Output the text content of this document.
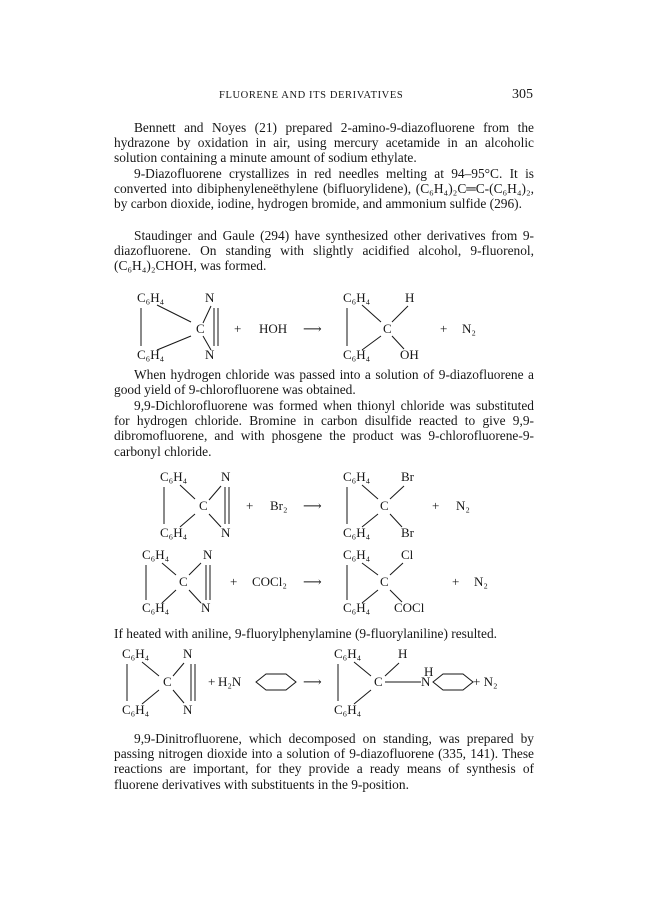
FLUORENE AND ITS DERIVATIVES	305

Bennett and Noyes (21) prepared 2-amino-9-diazofluorene from the hydrazone by oxidation in air, using mercury acetamide in an alcoholic solution containing a minute amount of sodium ethylate.

9-Diazofluorene crystallizes in red needles melting at 94–95°C. It is converted into dibiphenyleneëthylene (bifluorylidene), (C₆H₄)₂C═C-(C₆H₄)₂, by carbon dioxide, iodine, hydrogen bromide, and ammonium sulfide (296).

Staudinger and Gaule (294) have synthesized other derivatives from 9-diazofluorene. On standing with slightly acidified alcohol, 9-fluorenol, (C₆H₄)₂CHOH, was formed.

C₆H₄	N
C
C₆H₄	N
+ HOH ⟶
C₆H₄	H
C
C₆H₄ OH
+ N₂

When hydrogen chloride was passed into a solution of 9-diazofluorene a good yield of 9-chlorofluorene was obtained.

9,9-Dichlorofluorene was formed when thionyl chloride was substituted for hydrogen chloride. Bromine in carbon disulfide reacted to give 9,9-dibromofluorene, and with phosgene the product was 9-chlorofluorene-9-carbonyl chloride.

C₆H₄	N
C
C₆H₄	N
+ Br₂ ⟶
C₆H₄ Br
C
C₆H₄ Br
+ N₂
C₆H₄	N
C
C₆H₄ N
+ COCl₂ ⟶
C₆H₄ Cl
C
C₆H₄ COCl
+ N₂

If heated with aniline, 9-fluorylphenylamine (9-fluorylaniline) resulted.

C₆H₄	N
C
C₆H₄	N
+ H₂N	⟶
C₆H₄	H
C
C₆H₄
H
N	+ N₂

9,9-Dinitrofluorene, which decomposed on standing, was prepared by passing nitrogen dioxide into a solution of 9-diazofluorene (335, 141). These reactions are important, for they provide a ready means of synthesis of fluorene derivatives with substituents in the 9-position.
